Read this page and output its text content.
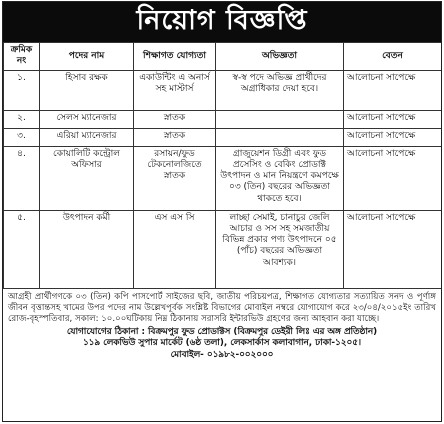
নিয়োগ বিজ্ঞপ্তি
ক্রমিক নং	পদের নাম	শিক্ষাগত যোগ্যতা	অভিজ্ঞতা	বেতন
১.	হিসাব রক্ষক	একাউন্টিং এ অনার্স সহ মাস্টার্স	স্ব-স্ব পদে অভিজ্ঞ প্রার্থীদের অগ্রাধিকার দেয়া হবে।	আলোচনা সাপেক্ষে
২.	সেলস ম্যানেজার	স্নাতক		আলোচনা সাপেক্ষে
৩.	এরিয়া ম্যানেজার	স্নাতক		আলোচনা সাপেক্ষে
৪.	কোয়ালিটি কন্ট্রোল অফিসার	রসায়ন/ফুড টেকনোলজিতে স্নাতক	গ্রাজুয়েশন ডিগ্রী এবং ফুড প্রসেসিং ও বেকিং প্রোডাক্ট উৎপাদন ও মান নিয়ন্ত্রণে কমপক্ষে ০৩ (তিন) বছরের অভিজ্ঞতা থাকতে হবে।	আলোচনা সাপেক্ষে
৫.	উৎপাদন কর্মী	এস এস সি	লাচ্ছা সেমাই, চানাচুর জেলি আচার ও সস সহ সমজাতীয় বিভিন্ন প্রকার পণ্য উৎপাদনে ০৫ (পাঁচ) বছরের অভিজ্ঞতা আবশ্যক।	আলোচনা সাপেক্ষে
আগ্রহী প্রার্থীগণকে ০৩ (তিন) কপি পাসপোর্ট সাইজের ছবি, জাতীয় পরিচয়পত্র, শিক্ষাগত যোগ্যতার সত্যায়িত সনদ ও পূর্ণাঙ্গ জীবন বৃত্তান্তসহ খামের উপর পদের নাম উল্লেখপূর্বক সংশ্লিষ্ট বিভাগের মোবাইল নম্বরে যোগাযোগ করে ২৩/০৪/২০১৫ইং তারিখ রোজ-বৃহস্পতিবার, সকাল: ১০.০০ঘটিকায় নিম্ন ঠিকানায় সরাসরি ইন্টারভিউ গ্রহণের জন্য আহবান করা যাচ্ছে।
যোগাযোগের ঠিকানা : বিক্রমপুর ফুড প্রোডাক্টস (বিক্রমপুর ডেইরী লিঃ এর অঙ্গ প্রতিষ্ঠান)
১১৯ লেকভিউ সুপার মার্কেট (৬ষ্ঠ তলা), লেকসার্কাস কলাবাগান, ঢাকা-১২০৫।
মোবাইল- ০১৯৮২-০০২০০০
